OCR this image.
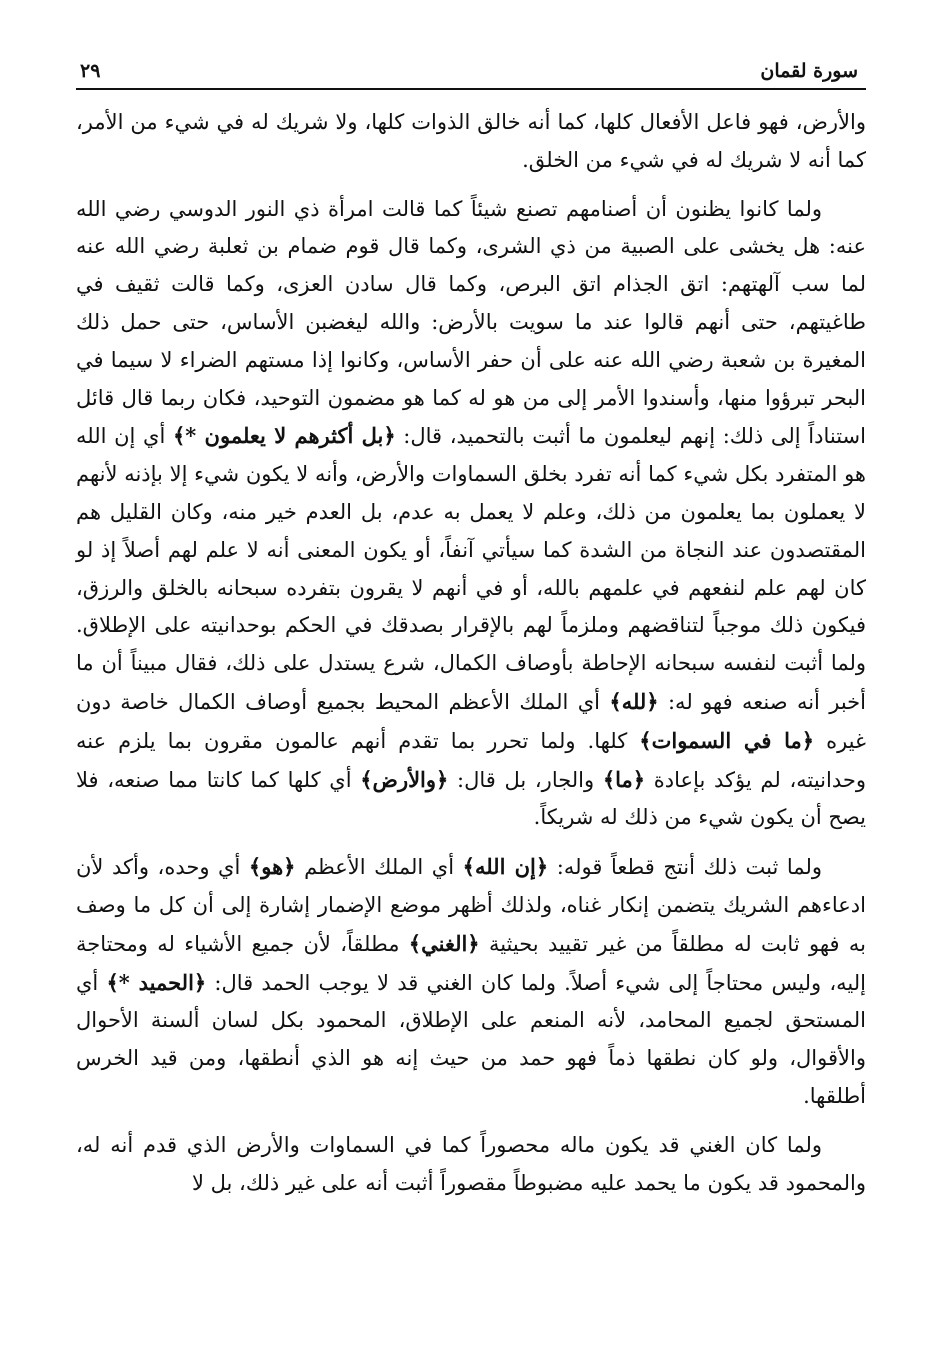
سورة لقمان
٢٩

والأرض، فهو فاعل الأفعال كلها، كما أنه خالق الذوات كلها، ولا شريك له في شيء من الأمر، كما أنه لا شريك له في شيء من الخلق.

ولما كانوا يظنون أن أصنامهم تصنع شيئاً كما قالت امرأة ذي النور الدوسي رضي الله عنه: هل يخشى على الصبية من ذي الشرى، وكما قال قوم ضمام بن ثعلبة رضي الله عنه لما سب آلهتهم: اتق الجذام اتق البرص، وكما قال سادن العزى، وكما قالت ثقيف في طاغيتهم، حتى أنهم قالوا عند ما سويت بالأرض: والله ليغضبن الأساس، حتى حمل ذلك المغيرة بن شعبة رضي الله عنه على أن حفر الأساس، وكانوا إذا مستهم الضراء لا سيما في البحر تبرؤوا منها، وأسندوا الأمر إلى من هو له كما هو مضمون التوحيد، فكان ربما قال قائل استناداً إلى ذلك: إنهم ليعلمون ما أثبت بالتحميد، قال: ﴿بل أكثرهم لا يعلمون *﴾ أي إن الله هو المتفرد بكل شيء كما أنه تفرد بخلق السماوات والأرض، وأنه لا يكون شيء إلا بإذنه لأنهم لا يعملون بما يعلمون من ذلك، وعلم لا يعمل به عدم، بل العدم خير منه، وكان القليل هم المقتصدون عند النجاة من الشدة كما سيأتي آنفاً، أو يكون المعنى أنه لا علم لهم أصلاً إذ لو كان لهم علم لنفعهم في علمهم بالله، أو في أنهم لا يقرون بتفرده سبحانه بالخلق والرزق، فيكون ذلك موجباً لتناقضهم وملزماً لهم بالإقرار بصدقك في الحكم بوحدانيته على الإطلاق. ولما أثبت لنفسه سبحانه الإحاطة بأوصاف الكمال، شرع يستدل على ذلك، فقال مبيناً أن ما أخبر أنه صنعه فهو له: ﴿لله﴾ أي الملك الأعظم المحيط بجميع أوصاف الكمال خاصة دون غيره ﴿ما في السموات﴾ كلها. ولما تحرر بما تقدم أنهم عالمون مقرون بما يلزم عنه وحدانيته، لم يؤكد بإعادة ﴿ما﴾ والجار، بل قال: ﴿والأرض﴾ أي كلها كما كانتا مما صنعه، فلا يصح أن يكون شيء من ذلك له شريكاً.

ولما ثبت ذلك أنتج قطعاً قوله: ﴿إن الله﴾ أي الملك الأعظم ﴿هو﴾ أي وحده، وأكد لأن ادعاءهم الشريك يتضمن إنكار غناه، ولذلك أظهر موضع الإضمار إشارة إلى أن كل ما وصف به فهو ثابت له مطلقاً من غير تقييد بحيثية ﴿الغني﴾ مطلقاً، لأن جميع الأشياء له ومحتاجة إليه، وليس محتاجاً إلى شيء أصلاً. ولما كان الغني قد لا يوجب الحمد قال: ﴿الحميد *﴾ أي المستحق لجميع المحامد، لأنه المنعم على الإطلاق، المحمود بكل لسان ألسنة الأحوال والأقوال، ولو كان نطقها ذماً فهو حمد من حيث إنه هو الذي أنطقها، ومن قيد الخرس أطلقها.

ولما كان الغني قد يكون ماله محصوراً كما في السماوات والأرض الذي قدم أنه له، والمحمود قد يكون ما يحمد عليه مضبوطاً مقصوراً أثبت أنه على غير ذلك، بل لا
